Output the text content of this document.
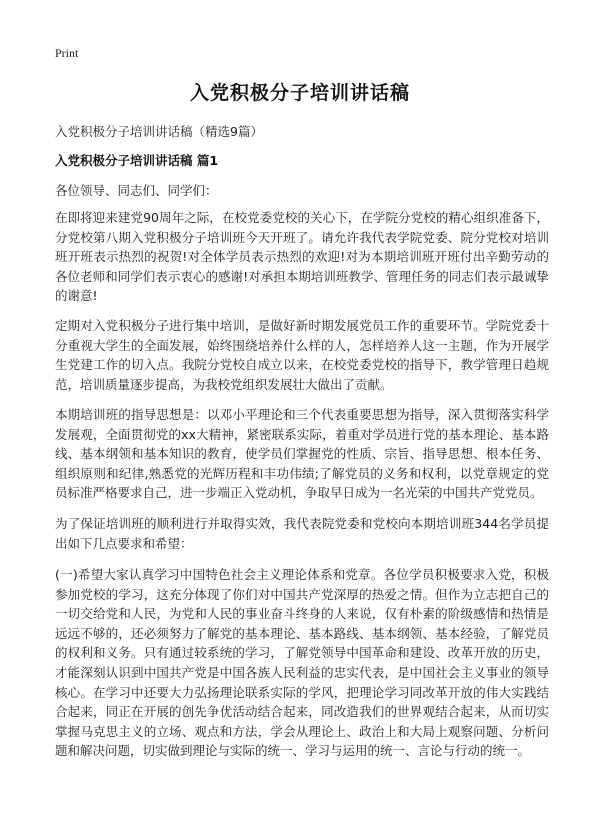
Print
入党积极分子培训讲话稿
入党积极分子培训讲话稿（精选9篇）
入党积极分子培训讲话稿 篇1
各位领导、同志们、同学们：

在即将迎来建党90周年之际，在校党委党校的关心下，在学院分党校的精心组织准备下，分党校第八期入党积极分子培训班今天开班了。请允许我代表学院党委、院分党校对培训班开班表示热烈的祝贺!对全体学员表示热烈的欢迎!对为本期培训班开班付出辛勤劳动的各位老师和同学们表示衷心的感谢!对承担本期培训班教学、管理任务的同志们表示最诚挚的谢意!

定期对入党积极分子进行集中培训，是做好新时期发展党员工作的重要环节。学院党委十分重视大学生的全面发展，始终围绕培养什么样的人，怎样培养人这一主题，作为开展学生党建工作的切入点。我院分党校自成立以来，在校党委党校的指导下，教学管理日趋规范，培训质量逐步提高，为我校党组织发展壮大做出了贡献。

本期培训班的指导思想是：以邓小平理论和三个代表重要思想为指导，深入贯彻落实科学发展观，全面贯彻党的xx大精神，紧密联系实际，着重对学员进行党的基本理论、基本路线、基本纲领和基本知识的教育，使学员们掌握党的性质、宗旨、指导思想、根本任务、组织原则和纪律,熟悉党的光辉历程和丰功伟绩;了解党员的义务和权利，以党章规定的党员标准严格要求自己，进一步端正入党动机，争取早日成为一名光荣的中国共产党党员。

为了保证培训班的顺利进行并取得实效，我代表院党委和党校向本期培训班344名学员提出如下几点要求和希望：

(一)希望大家认真学习中国特色社会主义理论体系和党章。各位学员积极要求入党，积极参加党校的学习，这充分体现了你们对中国共产党深厚的热爱之情。但作为立志把自己的一切交给党和人民，为党和人民的事业奋斗终身的人来说，仅有朴素的阶级感情和热情是远远不够的，还必须努力了解党的基本理论、基本路线、基本纲领、基本经验，了解党员的权利和义务。只有通过较系统的学习，了解党领导中国革命和建设、改革开放的历史，才能深刻认识到中国共产党是中国各族人民利益的忠实代表，是中国社会主义事业的领导核心。在学习中还要大力弘扬理论联系实际的学风，把理论学习同改革开放的伟大实践结合起来，同正在开展的创先争优活动结合起来，同改造我们的世界观结合起来，从而切实掌握马克思主义的立场、观点和方法，学会从理论上、政治上和大局上观察问题、分析问题和解决问题，切实做到理论与实际的统一、学习与运用的统一、言论与行动的统一。
